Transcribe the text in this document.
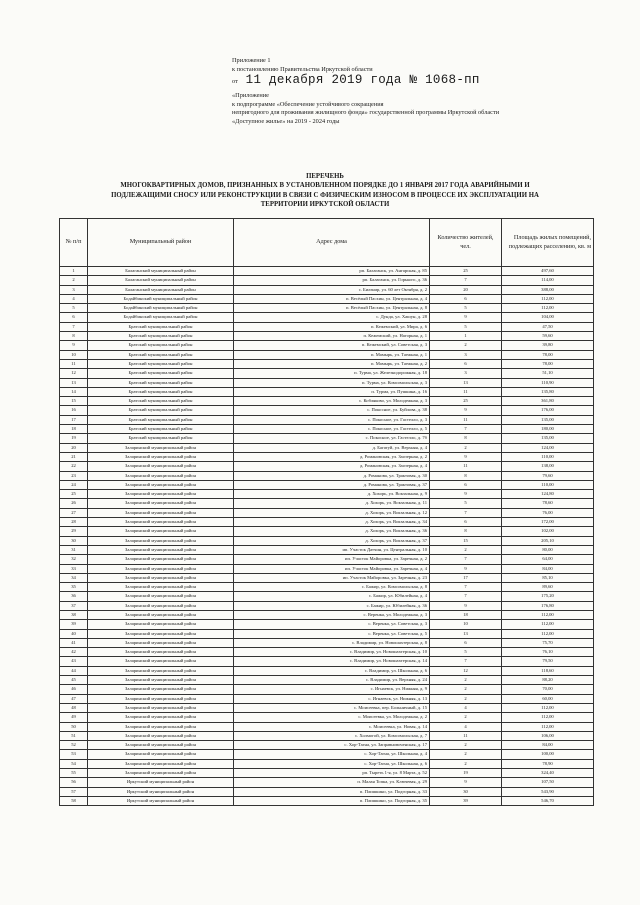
Приложение 1
к постановлению Правительства Иркутской области
от 11 декабря 2019 года № 1068-пп
«Приложение
к подпрограмме «Обеспечение устойчивого сокращения
непригодного для проживания жилищного фонда» государственной программы Иркутской области
«Доступное жилье» на 2019 - 2024 годы
ПЕРЕЧЕНЬ
МНОГОКВАРТИРНЫХ ДОМОВ, ПРИЗНАННЫХ В УСТАНОВЛЕННОМ ПОРЯДКЕ ДО 1 ЯНВАРЯ 2017 ГОДА АВАРИЙНЫМИ И
ПОДЛЕЖАЩИМИ СНОСУ ИЛИ РЕКОНСТРУКЦИИ В СВЯЗИ С ФИЗИЧЕСКИМ ИЗНОСОМ В ПРОЦЕССЕ ИХ ЭКСПЛУАТАЦИИ НА
ТЕРРИТОРИИ ИРКУТСКОЙ ОБЛАСТИ
№ п/п	Муниципальный район	Адрес дома	Количество жителей, чел.	Площадь жилых помещений, подлежащих расселению, кв. м
1	Балаганский муниципальный район	рп. Балаганск, ул. Ангарская, д. 85	25	497,60
2	Балаганский муниципальный район	рп. Балаганск, ул. Горького, д. 36	7	114,00
3	Балаганский муниципальный район	с. Бильчир, ул. 60 лет Октября, д. 2	20	388,00
4	Бодайбинский муниципальный район	п. Весёлый Пасхин, ул. Центральная, д. 4	6	112,00
5	Бодайбинский муниципальный район	п. Весёлый Пасхин, ул. Центральная, д. 8	5	112,00
6	Бодайбинский муниципальный район	с. Дунда, ул. Хашун, д. 28	9	104,00
7	Братский муниципальный район	п. Кежемский, ул. Мира, д. 6	5	47,50
8	Братский муниципальный район	п. Кежемский, ул. Нагорная, д. 1	1	59,60
9	Братский муниципальный район	п. Кежемский, ул. Советская, д. 3	2	39,80
10	Братский муниципальный район	п. Мамырь, ул. Таежная, д. 1	3	78,00
11	Братский муниципальный район	п. Мамырь, ул. Таежная, д. 2	6	78,00
12	Братский муниципальный район	п. Турма, ул. Железнодорожная, д. 18	3	51,10
13	Братский муниципальный район	п. Турма, ул. Комсомольская, д. 3	13	110,90
14	Братский муниципальный район	п. Турма, ул. Пушкина, д. 16	11	135,80
15	Братский муниципальный район	с. Кобляково, ул. Молодежная, д. 3	25	361,80
16	Братский муниципальный район	с. Покосное, ул. Буйлова, д. 38	9	176,00
17	Братский муниципальный район	с. Покосное, ул. Гастелло, д. 3	11	135,00
18	Братский муниципальный район	с. Покосное, ул. Гастелло, д. 5	7	180,00
19	Братский муниципальный район	с. Покосное, ул. Гастелло, д. 7б	8	135,00
20	Заларинский муниципальный район	д. Багатуй, ул. Верхняя, д. 4	2	124,00
21	Заларинский муниципальный район	д. Романовская, ул. Заозерная, д. 2	9	110,00
22	Заларинский муниципальный район	д. Романовская, ул. Заозерная, д. 4	11	138,00
23	Заларинский муниципальный район	д. Романова, ул. Трактовая, д. 30	8	79,60
24	Заларинский муниципальный район	д. Романова, ул. Трактовая, д. 37	6	110,00
25	Заларинский муниципальный район	д. Хохорь, ул. Вокзальная, д. 9	9	124,80
26	Заларинский муниципальный район	д. Хохорь, ул. Вокзальная, д. 11	5	78,60
27	Заларинский муниципальный район	д. Хохорь, ул. Вокзальная, д. 12	7	76,00
28	Заларинский муниципальный район	д. Хохорь, ул. Вокзальная, д. 34	6	172,00
29	Заларинский муниципальный район	д. Хохорь, ул. Вокзальная, д. 36	8	102,00
30	Заларинский муниципальный район	д. Хохорь, ул. Вокзальная, д. 37	15	205,10
31	Заларинский муниципальный район	ип. Участок Датчин, ул. Центральная, д. 10	2	80,00
32	Заларинский муниципальный район	ип. Участок Майоровка, ул. Заречная, д. 2	7	64,00
33	Заларинский муниципальный район	ип. Участок Майоровка, ул. Заречная, д. 4	9	84,00
34	Заларинский муниципальный район	ип. Участок Майоровка, ул. Заречная, д. 23	17	85,10
35	Заларинский муниципальный район	с. Бажир, ул. Комсомольская, д. 8	7	89,60
36	Заларинский муниципальный район	с. Бажир, ул. Юбилейная, д. 4	7	175,20
37	Заларинский муниципальный район	с. Бажир, ул. Юбилейная, д. 36	9	176,80
38	Заларинский муниципальный район	с. Веренка, ул. Молодежная, д. 3	18	112,00
39	Заларинский муниципальный район	с. Веренка, ул. Советская, д. 3	10	112,00
40	Заларинский муниципальный район	с. Веренка, ул. Советская, д. 5	13	112,00
41	Заларинский муниципальный район	с. Владимир, ул. Новошахтерская, д. 8	6	75,70
42	Заларинский муниципальный район	с. Владимир, ул. Новошахтерская, д. 10	5	76,10
43	Заларинский муниципальный район	с. Владимир, ул. Новошахтерская, д. 14	7	79,50
44	Заларинский муниципальный район	с. Владимир, ул. Школьная, д. 6	12	118,60
45	Заларинский муниципальный район	с. Владимир, ул. Верхняя, д. 24	2	88,20
46	Заларинский муниципальный район	с. Игнаевск, ул. Нижняя, д. 9	2	70,00
47	Заларинский муниципальный район	с. Игнаевск, ул. Нижняя, д. 13	2	60,00
48	Заларинский муниципальный район	с. Моисеевка, пер. Больничный, д. 15	4	112,00
49	Заларинский муниципальный район	с. Моисеевка, ул. Молодежная, д. 2	2	112,00
50	Заларинский муниципальный район	с. Моисеевка, ул. Новая, д. 14	4	112,00
51	Заларинский муниципальный район	с. Холмогой, ул. Комсомольская, д. 7	11	106,00
52	Заларинский муниципальный район	с. Хор-Тагна, ул. Заправновоченская, д. 17	2	84,00
53	Заларинский муниципальный район	с. Хор-Тагна, ул. Школьная, д. 4	2	100,00
54	Заларинский муниципальный район	с. Хор-Тагна, ул. Школьная, д. 6	2	78,90
55	Заларинский муниципальный район	рп. Тыреть 1-я, ул. 8 Марта, д. 52	19	324,40
56	Иркутский муниципальный район	п. Малая Топка, ул. Ключевая, д. 29	9	107,50
57	Иркутский муниципальный район	п. Плишкино, ул. Подгорная, д. 33	30	543,90
58	Иркутский муниципальный район	п. Плишкино, ул. Подгорная, д. 35	39	546,70
